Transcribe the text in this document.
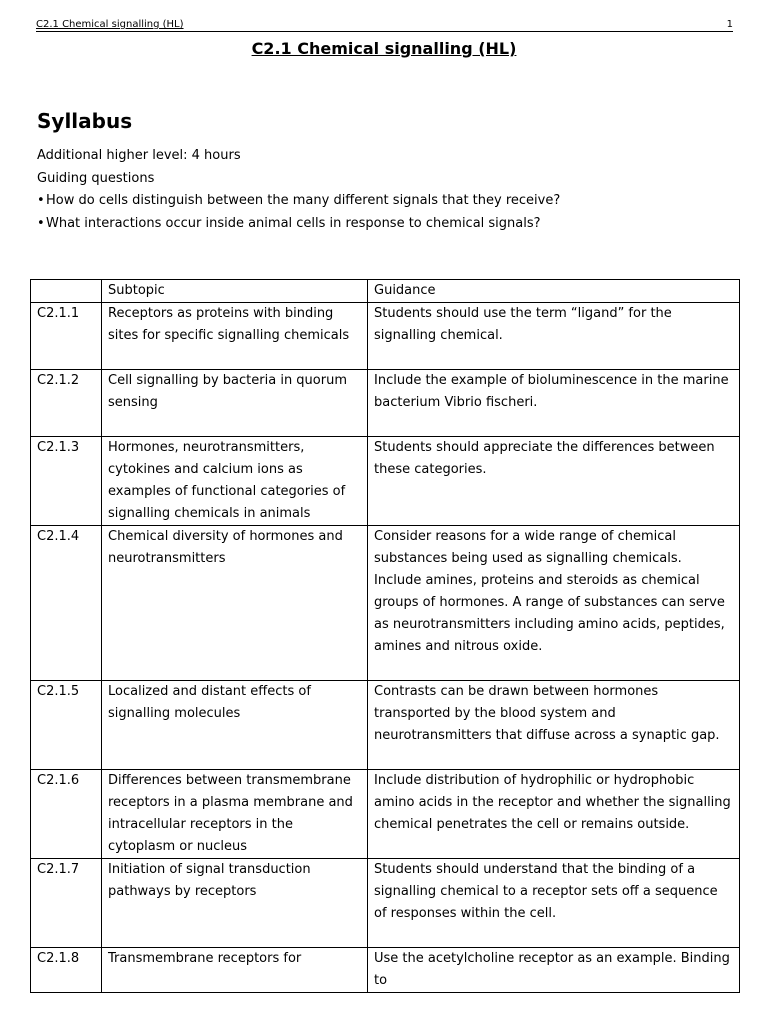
C2.1 Chemical signalling (HL)	1
C2.1 Chemical signalling (HL)
Syllabus

Additional higher level: 4 hours

Guiding questions

•How do cells distinguish between the many different signals that they receive?

•What interactions occur inside animal cells in response to chemical signals?

	Subtopic	Guidance
C2.1.1	Receptors as proteins with binding sites for specific signalling chemicals	Students should use the term “ligand” for the signalling chemical.
C2.1.2	Cell signalling by bacteria in quorum sensing	Include the example of bioluminescence in the marine bacterium Vibrio fischeri.
C2.1.3	Hormones, neurotransmitters, cytokines and calcium ions as examples of functional categories of signalling chemicals in animals	Students should appreciate the differences between these categories.
C2.1.4	Chemical diversity of hormones and neurotransmitters	Consider reasons for a wide range of chemical substances being used as signalling chemicals. Include amines, proteins and steroids as chemical groups of hormones. A range of substances can serve as neurotransmitters including amino acids, peptides, amines and nitrous oxide.
C2.1.5	Localized and distant effects of signalling molecules	Contrasts can be drawn between hormones transported by the blood system and neurotransmitters that diffuse across a synaptic gap.
C2.1.6	Differences between transmembrane receptors in a plasma membrane and intracellular receptors in the cytoplasm or nucleus	Include distribution of hydrophilic or hydrophobic amino acids in the receptor and whether the signalling chemical penetrates the cell or remains outside.
C2.1.7	Initiation of signal transduction pathways by receptors	Students should understand that the binding of a signalling chemical to a receptor sets off a sequence of responses within the cell.
C2.1.8	Transmembrane receptors for	Use the acetylcholine receptor as an example. Binding to
